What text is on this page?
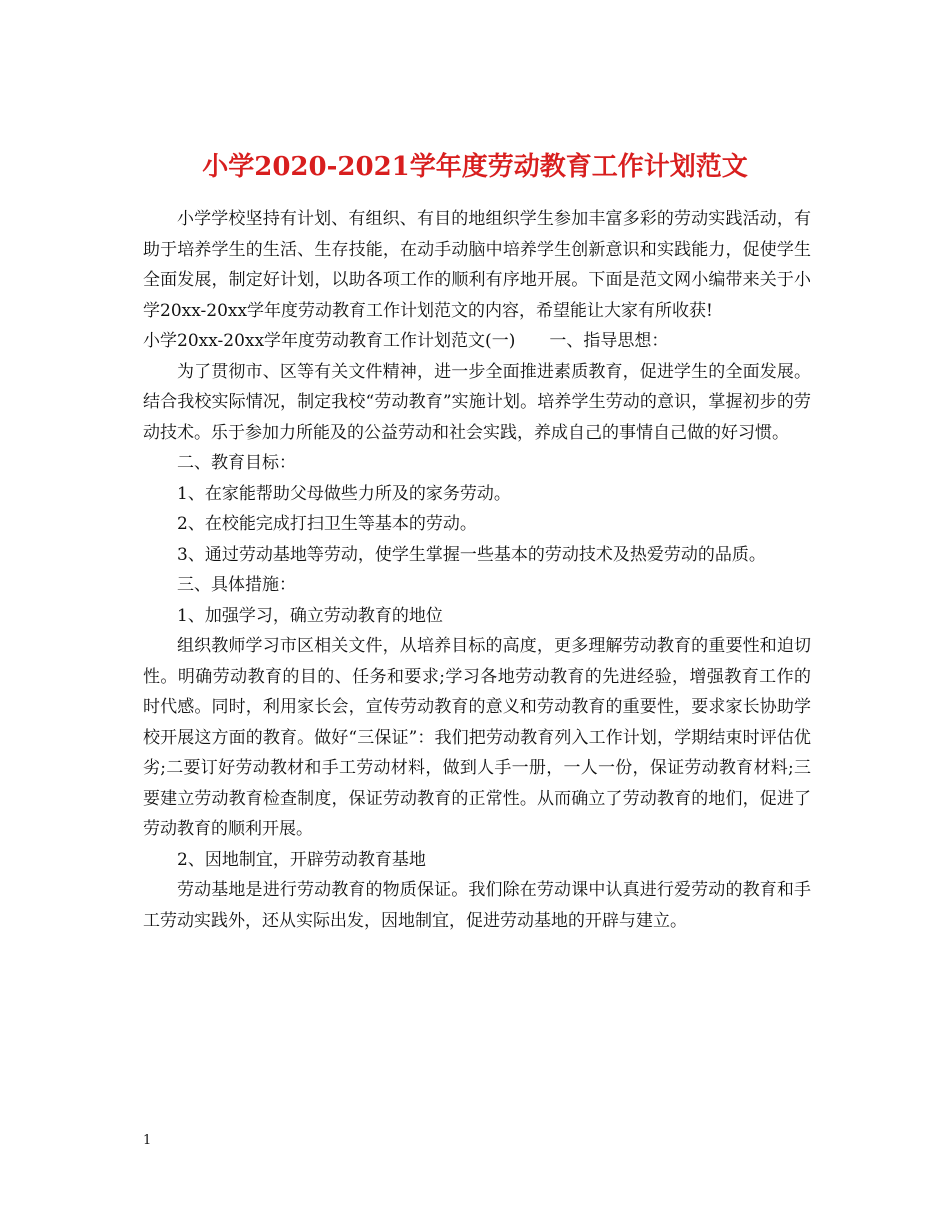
小学2020-2021学年度劳动教育工作计划范文

小学学校坚持有计划、有组织、有目的地组织学生参加丰富多彩的劳动实践活动，有助于培养学生的生活、生存技能，在动手动脑中培养学生创新意识和实践能力，促使学生全面发展，制定好计划，以助各项工作的顺利有序地开展。下面是范文网小编带来关于小学20xx-20xx学年度劳动教育工作计划范文的内容，希望能让大家有所收获!

小学20xx-20xx学年度劳动教育工作计划范文(一)　　一、指导思想：

为了贯彻市、区等有关文件精神，进一步全面推进素质教育，促进学生的全面发展。结合我校实际情况，制定我校“劳动教育”实施计划。培养学生劳动的意识，掌握初步的劳动技术。乐于参加力所能及的公益劳动和社会实践，养成自己的事情自己做的好习惯。

二、教育目标：

1、在家能帮助父母做些力所及的家务劳动。

2、在校能完成打扫卫生等基本的劳动。

3、通过劳动基地等劳动，使学生掌握一些基本的劳动技术及热爱劳动的品质。

三、具体措施：

1、加强学习，确立劳动教育的地位

组织教师学习市区相关文件，从培养目标的高度，更多理解劳动教育的重要性和迫切性。明确劳动教育的目的、任务和要求;学习各地劳动教育的先进经验，增强教育工作的时代感。同时，利用家长会，宣传劳动教育的意义和劳动教育的重要性，要求家长协助学校开展这方面的教育。做好“三保证”：我们把劳动教育列入工作计划，学期结束时评估优劣;二要订好劳动教材和手工劳动材料，做到人手一册，一人一份，保证劳动教育材料;三要建立劳动教育检查制度，保证劳动教育的正常性。从而确立了劳动教育的地们，促进了劳动教育的顺利开展。

2、因地制宜，开辟劳动教育基地

劳动基地是进行劳动教育的物质保证。我们除在劳动课中认真进行爱劳动的教育和手工劳动实践外，还从实际出发，因地制宜，促进劳动基地的开辟与建立。

1
